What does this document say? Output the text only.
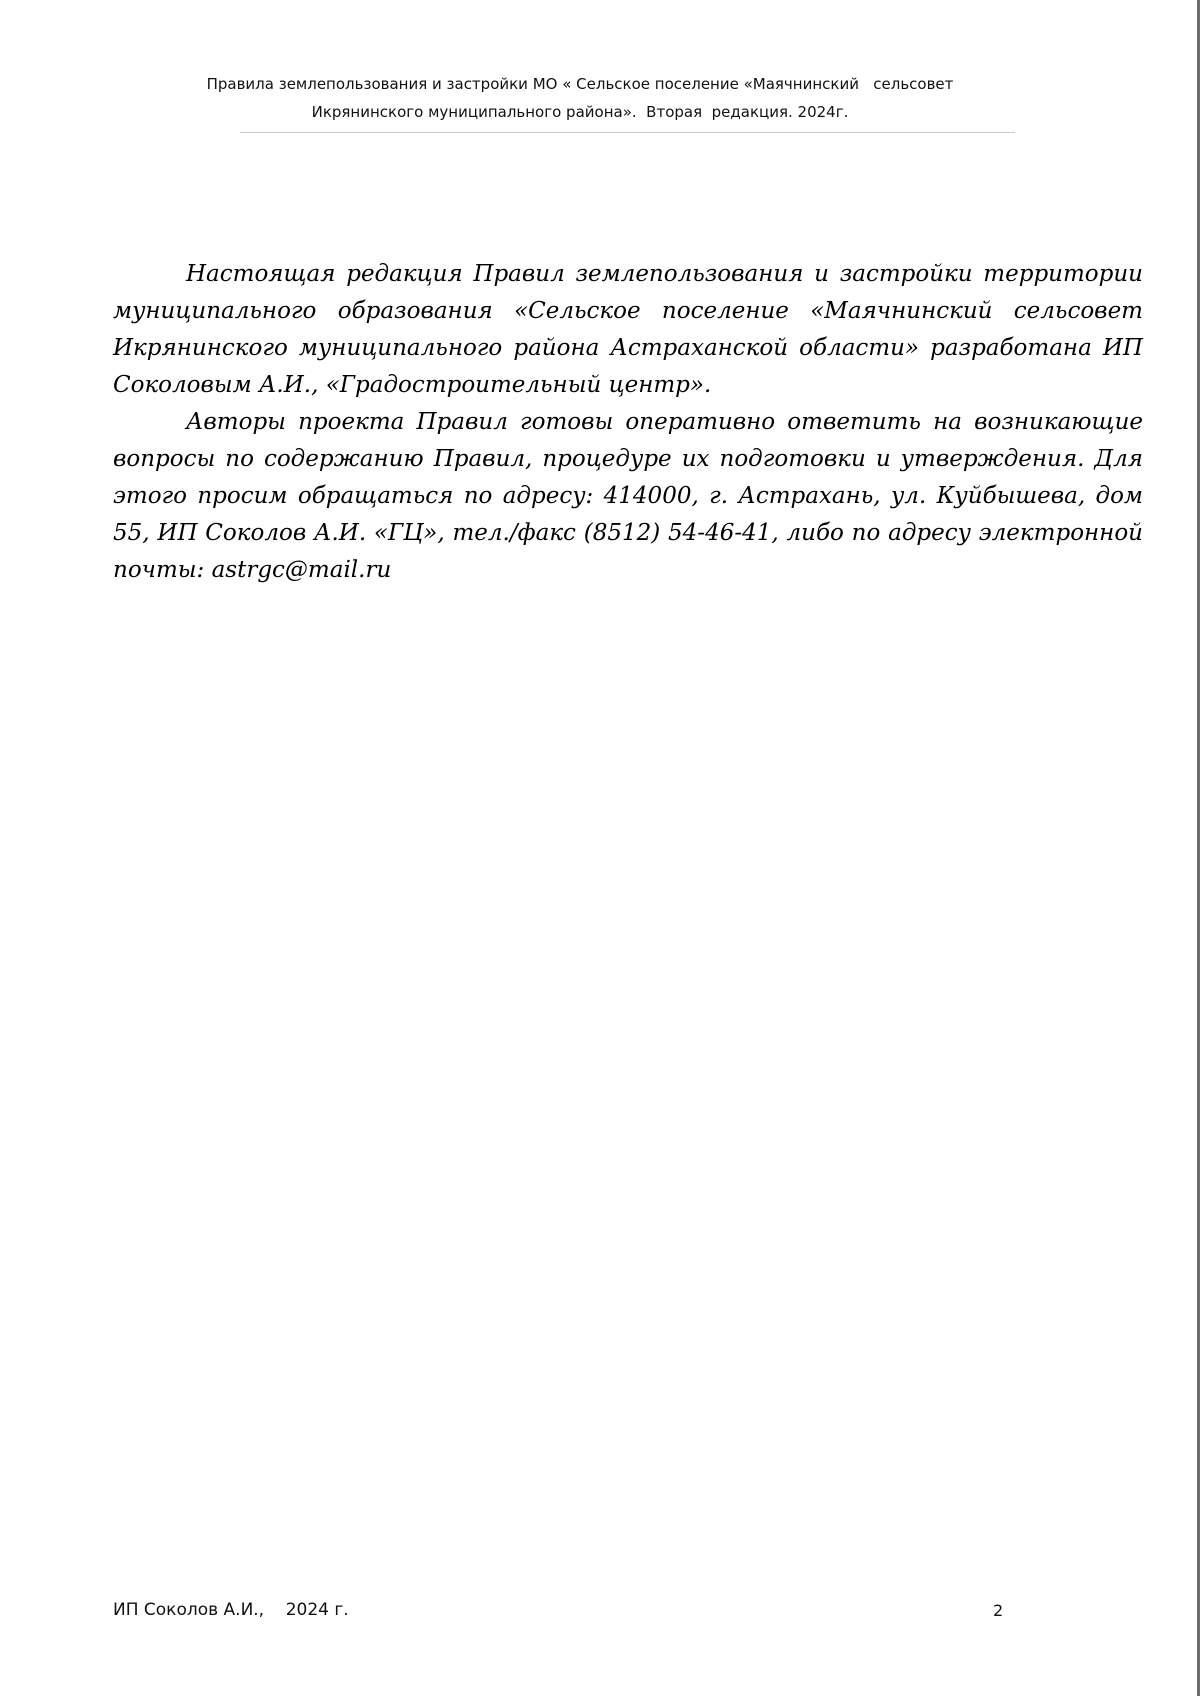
Правила землепользования и застройки МО « Сельское поселение «Маячнинский   сельсовет
Икрянинского муниципального района».  Вторая  редакция. 2024г.

Настоящая редакция Правил землепользования и застройки территории муниципального образования «Сельское поселение «Маячнинский сельсовет Икрянинского муниципального района Астраханской области» разработана ИП Соколовым А.И., «Градостроительный центр».

Авторы проекта Правил готовы оперативно ответить на возникающие вопросы по содержанию Правил, процедуре их подготовки и утверждения. Для этого просим обращаться по адресу: 414000, г. Астрахань, ул. Куйбышева, дом 55, ИП Соколов А.И. «ГЦ», тел./факс (8512) 54-46-41, либо по адресу электронной почты: astrgc@mail.ru

ИП Соколов А.И.,    2024 г.	2
